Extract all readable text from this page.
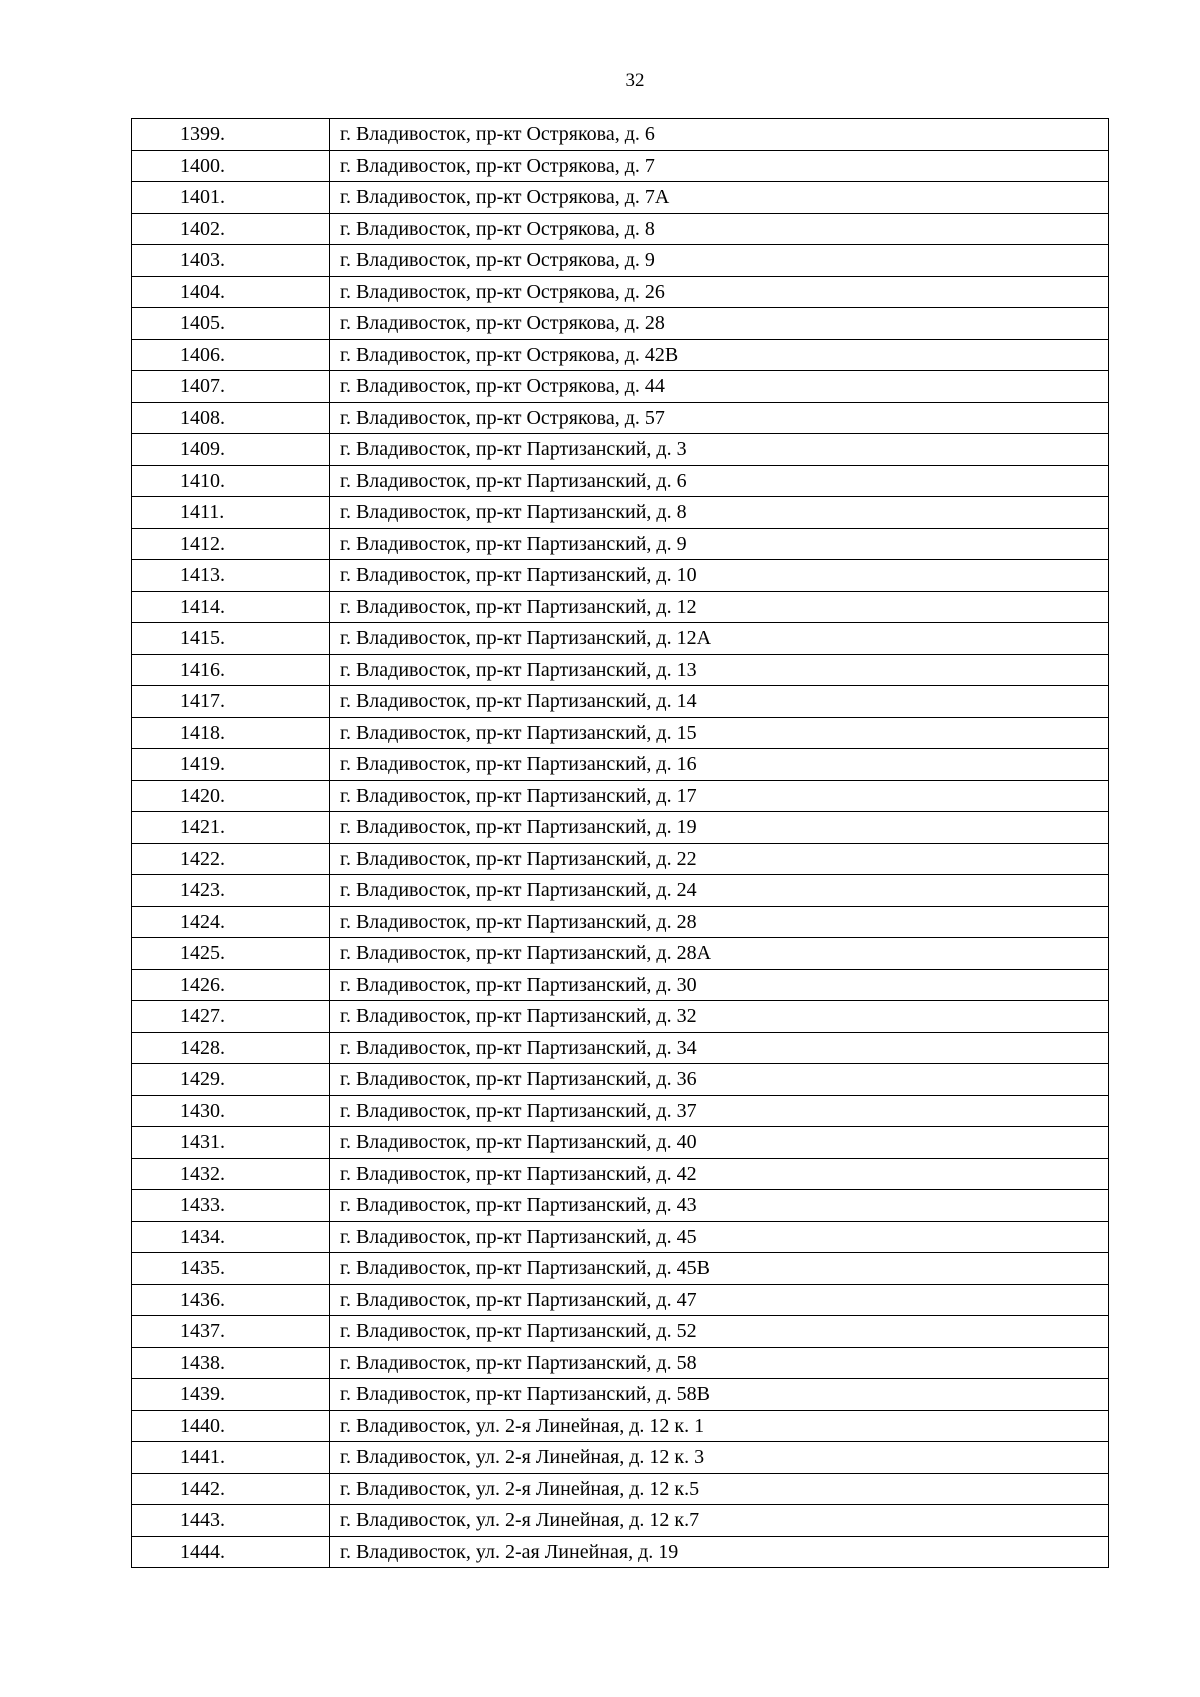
32
1399.	г. Владивосток, пр-кт Острякова, д. 6
1400.	г. Владивосток, пр-кт Острякова, д. 7
1401.	г. Владивосток, пр-кт Острякова, д. 7А
1402.	г. Владивосток, пр-кт Острякова, д. 8
1403.	г. Владивосток, пр-кт Острякова, д. 9
1404.	г. Владивосток, пр-кт Острякова, д. 26
1405.	г. Владивосток, пр-кт Острякова, д. 28
1406.	г. Владивосток, пр-кт Острякова, д. 42В
1407.	г. Владивосток, пр-кт Острякова, д. 44
1408.	г. Владивосток, пр-кт Острякова, д. 57
1409.	г. Владивосток, пр-кт Партизанский, д. 3
1410.	г. Владивосток, пр-кт Партизанский, д. 6
1411.	г. Владивосток, пр-кт Партизанский, д. 8
1412.	г. Владивосток, пр-кт Партизанский, д. 9
1413.	г. Владивосток, пр-кт Партизанский, д. 10
1414.	г. Владивосток, пр-кт Партизанский, д. 12
1415.	г. Владивосток, пр-кт Партизанский, д. 12А
1416.	г. Владивосток, пр-кт Партизанский, д. 13
1417.	г. Владивосток, пр-кт Партизанский, д. 14
1418.	г. Владивосток, пр-кт Партизанский, д. 15
1419.	г. Владивосток, пр-кт Партизанский, д. 16
1420.	г. Владивосток, пр-кт Партизанский, д. 17
1421.	г. Владивосток, пр-кт Партизанский, д. 19
1422.	г. Владивосток, пр-кт Партизанский, д. 22
1423.	г. Владивосток, пр-кт Партизанский, д. 24
1424.	г. Владивосток, пр-кт Партизанский, д. 28
1425.	г. Владивосток, пр-кт Партизанский, д. 28А
1426.	г. Владивосток, пр-кт Партизанский, д. 30
1427.	г. Владивосток, пр-кт Партизанский, д. 32
1428.	г. Владивосток, пр-кт Партизанский, д. 34
1429.	г. Владивосток, пр-кт Партизанский, д. 36
1430.	г. Владивосток, пр-кт Партизанский, д. 37
1431.	г. Владивосток, пр-кт Партизанский, д. 40
1432.	г. Владивосток, пр-кт Партизанский, д. 42
1433.	г. Владивосток, пр-кт Партизанский, д. 43
1434.	г. Владивосток, пр-кт Партизанский, д. 45
1435.	г. Владивосток, пр-кт Партизанский, д. 45В
1436.	г. Владивосток, пр-кт Партизанский, д. 47
1437.	г. Владивосток, пр-кт Партизанский, д. 52
1438.	г. Владивосток, пр-кт Партизанский, д. 58
1439.	г. Владивосток, пр-кт Партизанский, д. 58В
1440.	г. Владивосток, ул. 2-я Линейная, д. 12 к. 1
1441.	г. Владивосток, ул. 2-я Линейная, д. 12 к. 3
1442.	г. Владивосток, ул. 2-я Линейная, д. 12 к.5
1443.	г. Владивосток, ул. 2-я Линейная, д. 12 к.7
1444.	г. Владивосток, ул. 2-ая Линейная, д. 19
